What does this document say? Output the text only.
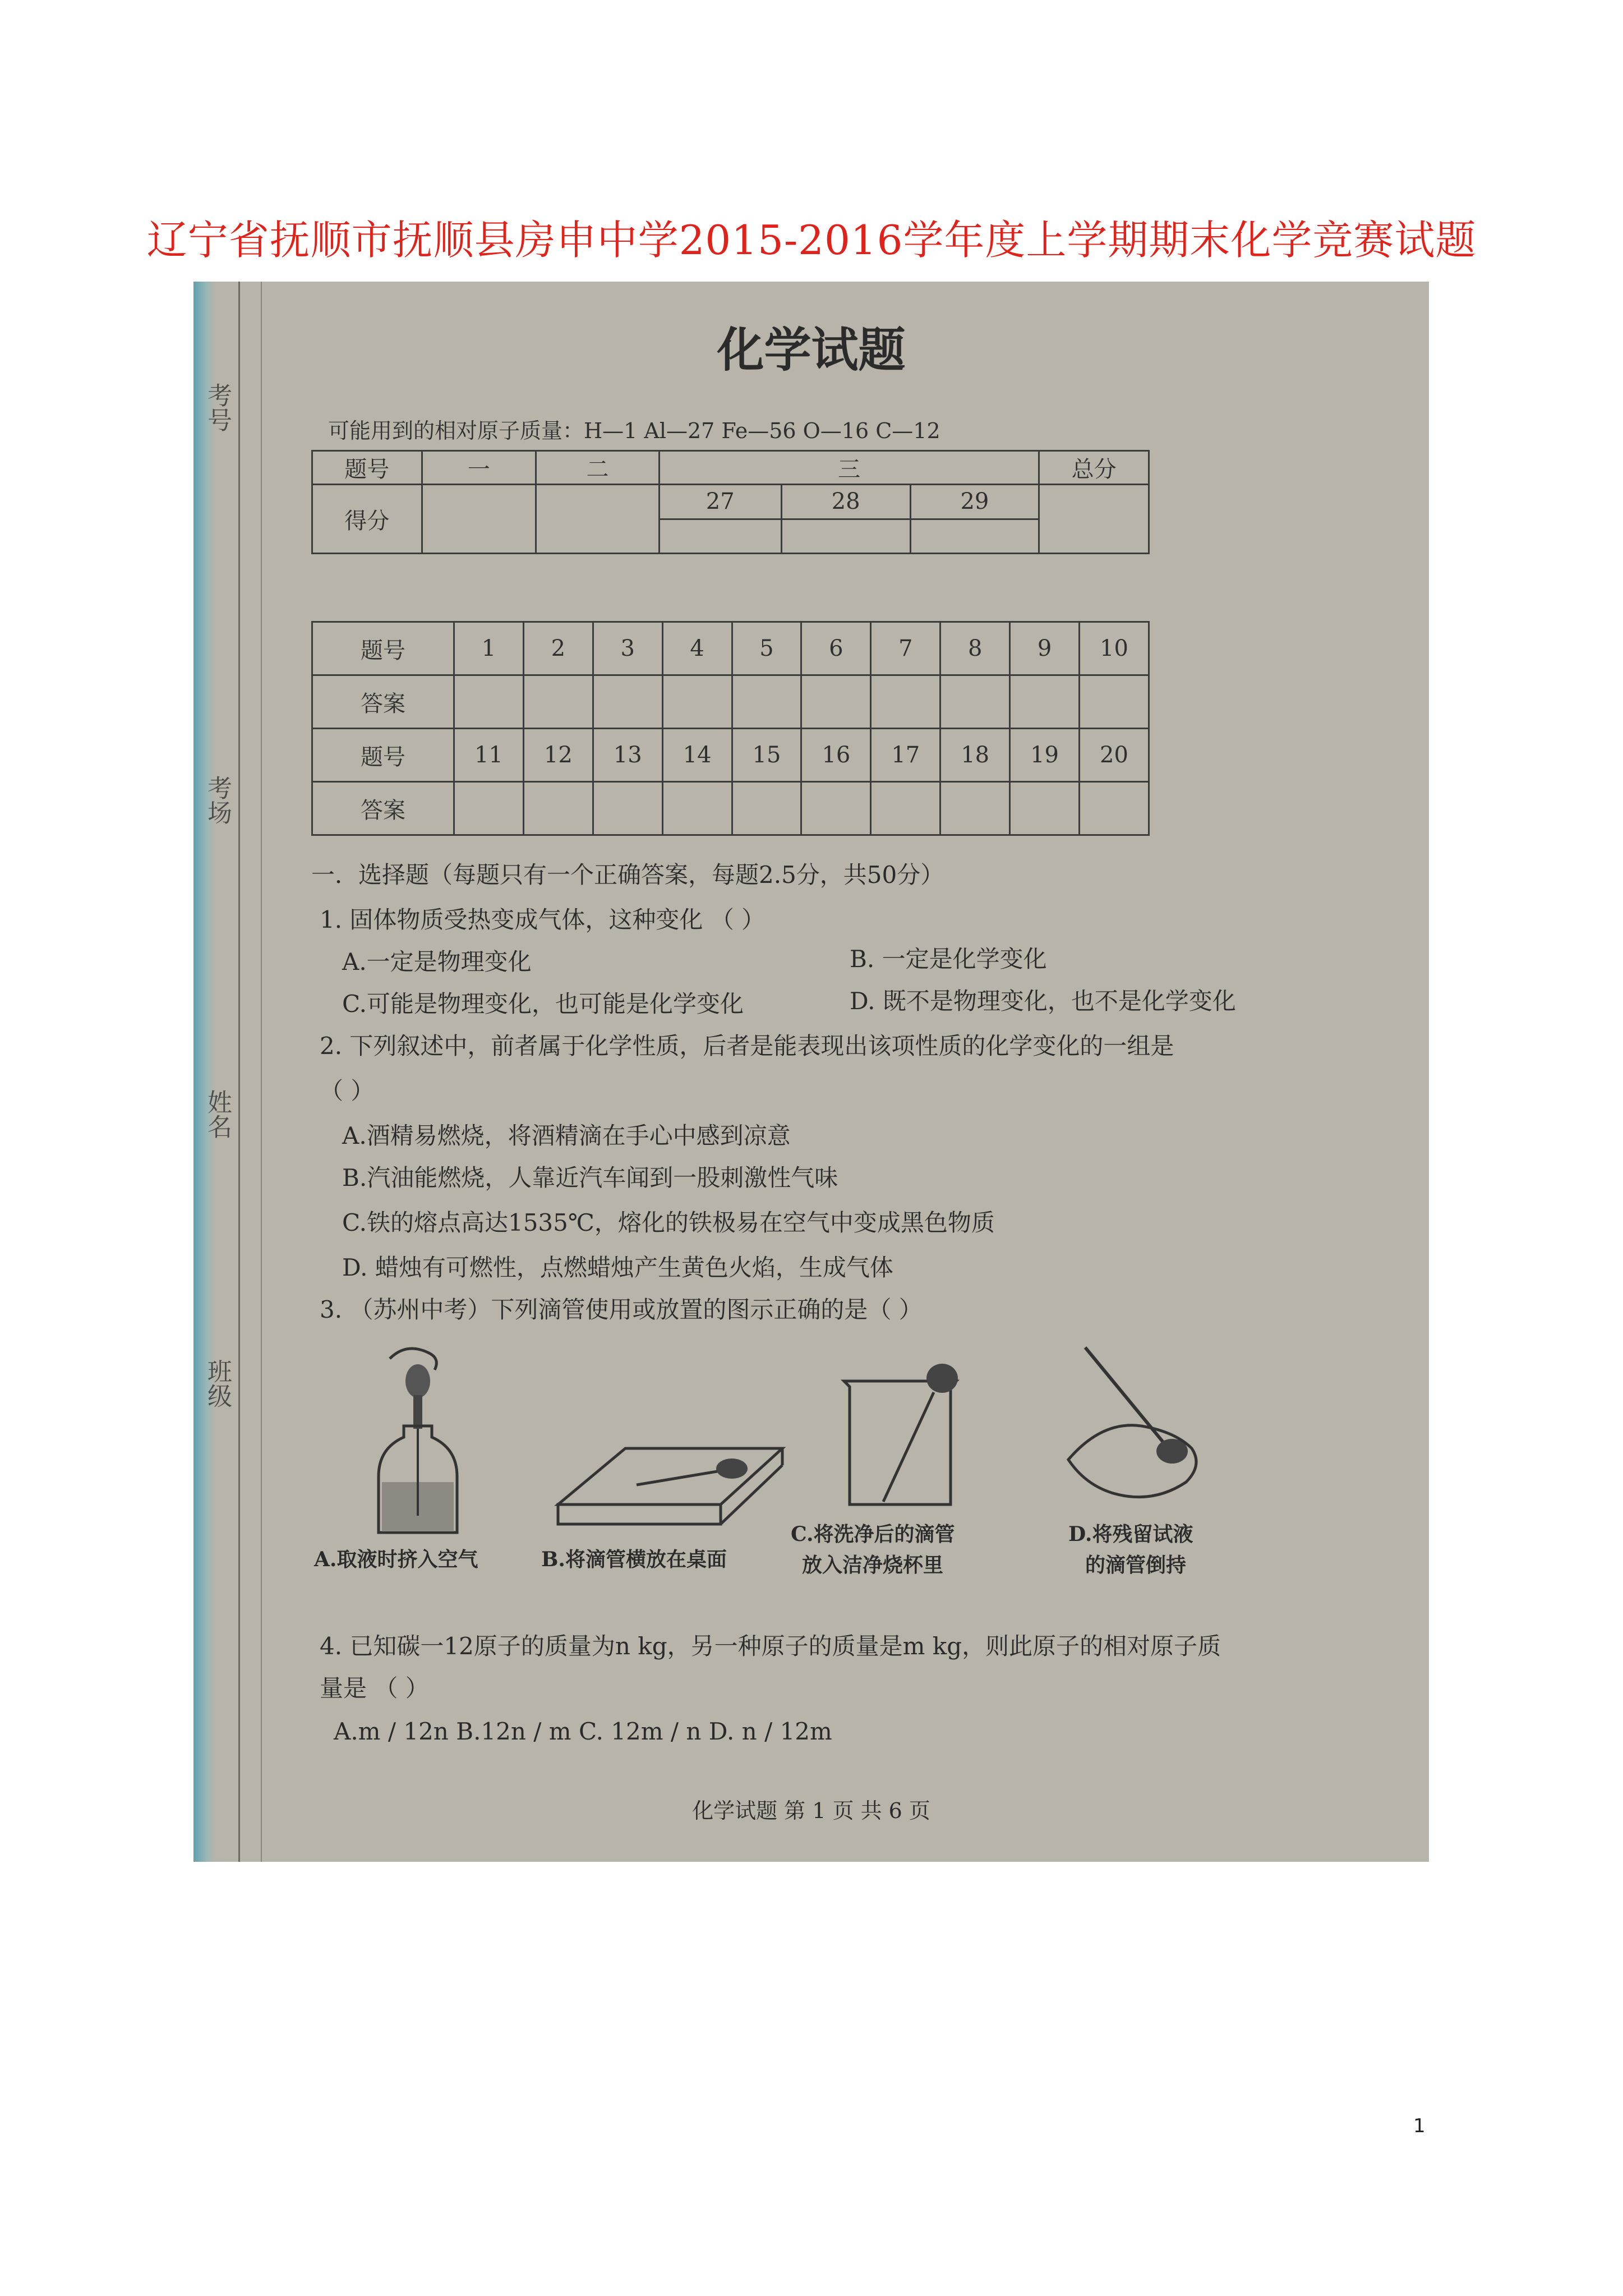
辽宁省抚顺市抚顺县房申中学2015-2016学年度上学期期末化学竞赛试题
考号
考场
姓名
班级
化学试题
可能用到的相对原子质量：H—1 Al—27 Fe—56 O—16 C—12
题号	一	二	三			总分
得分			27	28	29	

题号	1	2	3	4	5	6	7	8	9	10
答案										
题号	11	12	13	14	15	16	17	18	19	20
答案										
一．选择题（每题只有一个正确答案，每题2.5分，共50分）
1. 固体物质受热变成气体，这种变化 （ ）
A.一定是物理变化	B. 一定是化学变化
C.可能是物理变化，也可能是化学变化	D. 既不是物理变化，也不是化学变化
2. 下列叙述中，前者属于化学性质，后者是能表现出该项性质的化学变化的一组是
（ ）
A.酒精易燃烧，将酒精滴在手心中感到凉意
B.汽油能燃烧，人靠近汽车闻到一股刺激性气味
C.铁的熔点高达1535℃，熔化的铁极易在空气中变成黑色物质
D. 蜡烛有可燃性，点燃蜡烛产生黄色火焰，生成气体
3. （苏州中考）下列滴管使用或放置的图示正确的是（ ）
A.取液时挤入空气	B.将滴管横放在桌面
C.将洗净后的滴管
放入洁净烧杯里
D.将残留试液
的滴管倒持
4. 已知碳一12原子的质量为n kg，另一种原子的质量是m kg，则此原子的相对原子质
量是 （ ）
A.m / 12n B.12n / m C. 12m / n D. n / 12m
化学试题 第 1 页 共 6 页
1
